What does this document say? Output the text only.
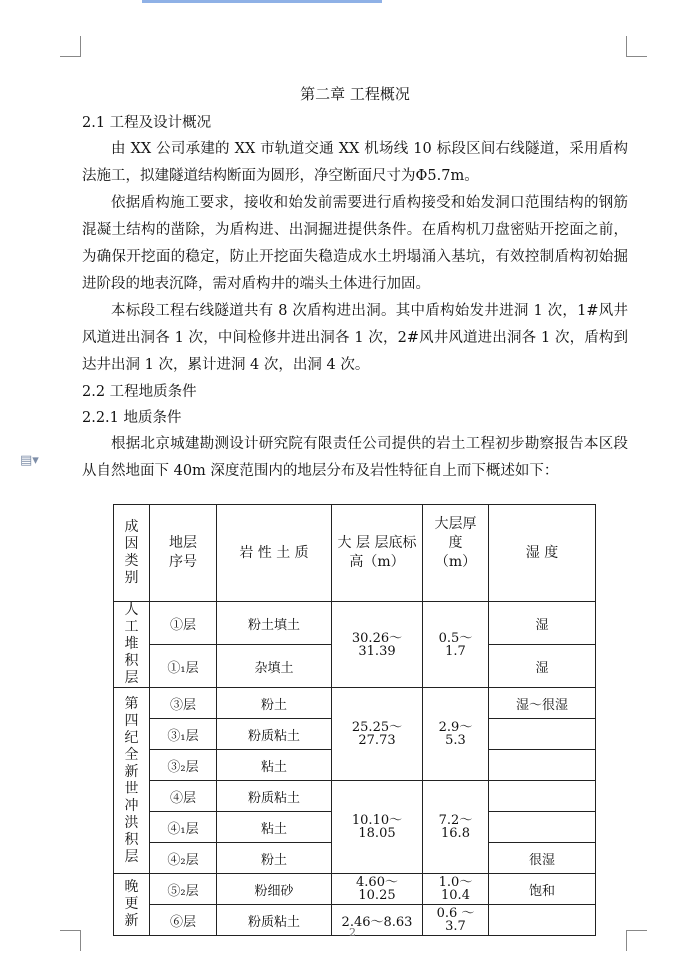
▤▾
第二章 工程概况
2.1 工程及设计概况

由 XX 公司承建的 XX 市轨道交通 XX 机场线 10 标段区间右线隧道，采用盾构法施工，拟建隧道结构断面为圆形，净空断面尺寸为Φ5.7m。

依据盾构施工要求，接收和始发前需要进行盾构接受和始发洞口范围结构的钢筋混凝土结构的凿除，为盾构进、出洞掘进提供条件。在盾构机刀盘密贴开挖面之前，为确保开挖面的稳定，防止开挖面失稳造成水土坍塌涌入基坑，有效控制盾构初始掘进阶段的地表沉降，需对盾构井的端头土体进行加固。

本标段工程右线隧道共有 8 次盾构进出洞。其中盾构始发井进洞 1 次，1#风井风道进出洞各 1 次，中间检修井进出洞各 1 次，2#风井风道进出洞各 1 次，盾构到达井出洞 1 次，累计进洞 4 次，出洞 4 次。

2.2 工程地质条件
2.2.1 地质条件

根据北京城建勘测设计研究院有限责任公司提供的岩土工程初步勘察报告本区段从自然地面下 40m 深度范围内的地层分布及岩性特征自上而下概述如下：

成因类别	地层序号	岩 性 土 质	大 层 层底标高（m）	大层厚度（m）	湿 度

人工堆积层	①层	粉土填土	30.26～31.39	0.5～1.7	湿
	①₁层	杂填土			湿

第四纪全新世冲洪积层	③层	粉土	25.25～27.73	2.9～5.3	湿～很湿
	③₁层	粉质粘土			
	③₂层	粘土			
	④层	粉质粘土	10.10～18.05	7.2～16.8	
	④₁层	粘土			
	④₂层	粉土			很湿

晚更新	⑤₂层	粉细砂	4.60～10.25	1.0～10.4	饱和
	⑥层	粉质粘土	2.46～8.63	0.6 ～3.7	
2
